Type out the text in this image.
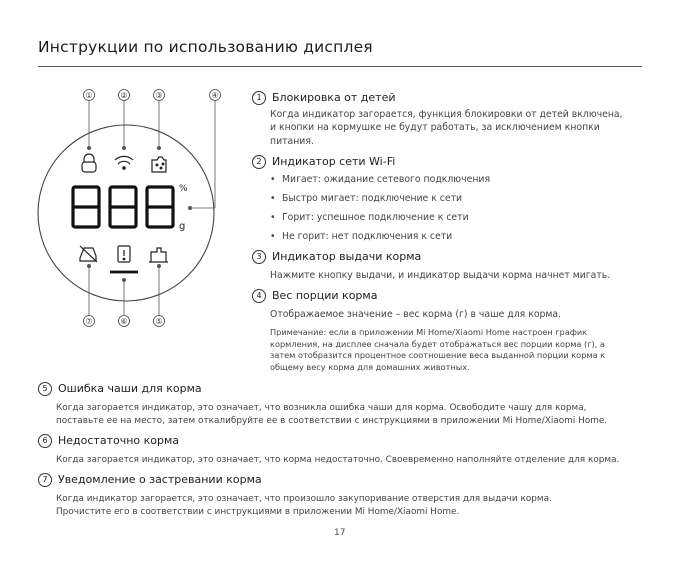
Инструкции по использованию дисплея
①	②	③	④
⑦	⑥	⑤
%
g
1 Блокировка от детей
Когда индикатор загорается, функция блокировки от детей включена,
и кнопки на кормушке не будут работать, за исключением кнопки
питания.
2 Индикатор сети Wi-Fi
• Мигает: ожидание сетевого подключения
• Быстро мигает: подключение к сети
• Горит: успешное подключение к сети
• Не горит: нет подключения к сети
3 Индикатор выдачи корма
Нажмите кнопку выдачи, и индикатор выдачи корма начнет мигать.
4 Вес порции корма
Отображаемое значение – вес корма (г) в чаше для корма.
Примечание: если в приложении Mi Home/Xiaomi Home настроен график
кормления, на дисплее сначала будет отображаться вес порции корма (г), а
затем отобразится процентное соотношение веса выданной порции корма к
общему весу корма для домашних животных.
5 Ошибка чаши для корма
Когда загорается индикатор, это означает, что возникла ошибка чаши для корма. Освободите чашу для корма,
поставьте ее на место, затем откалибруйте ее в соответствии с инструкциями в приложении Mi Home/Xiaomi Home.
6 Недостаточно корма
Когда загорается индикатор, это означает, что корма недостаточно. Своевременно наполняйте отделение для корма.
7 Уведомление о застревании корма
Когда индикатор загорается, это означает, что произошло закупоривание отверстия для выдачи корма.
Прочистите его в соответствии с инструкциями в приложении Mi Home/Xiaomi Home.
17
